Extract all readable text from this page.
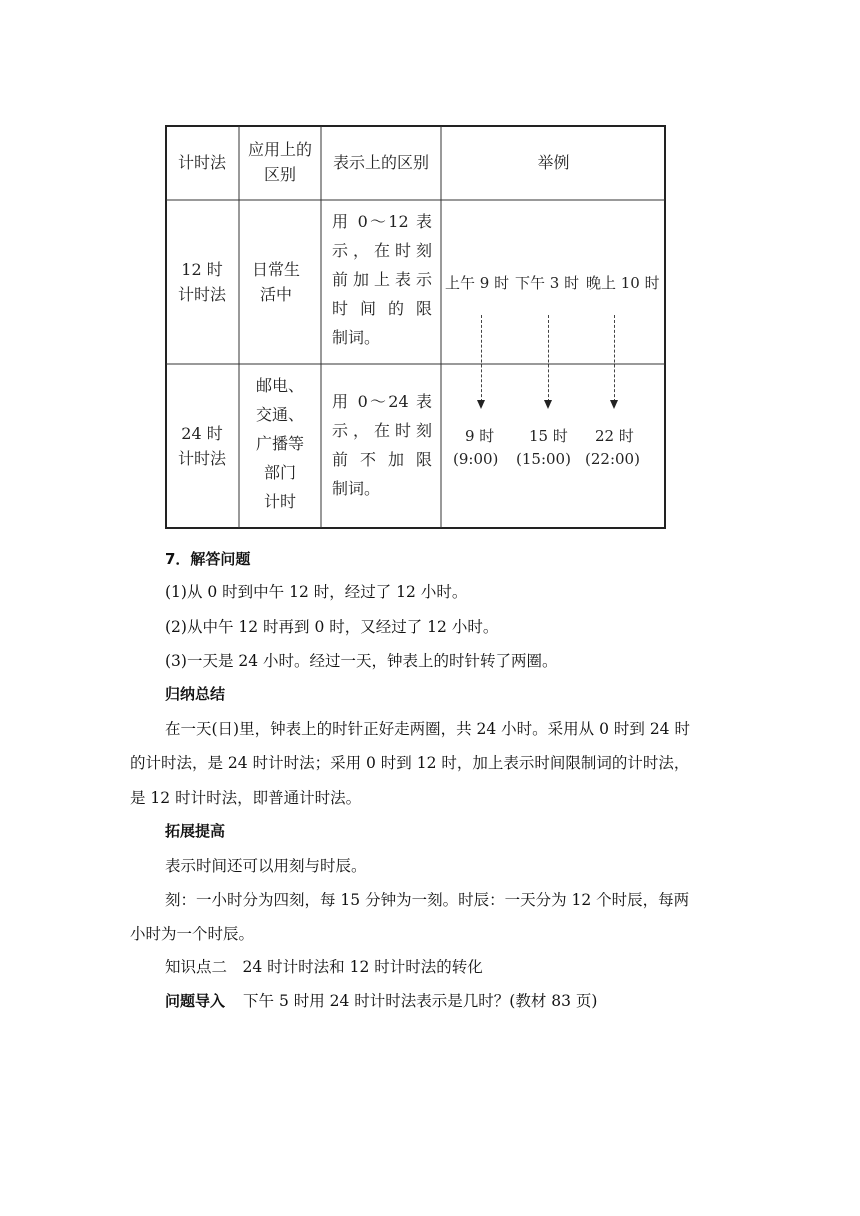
计时法
应用上的区别
表示上的区别	举例
12 时计时法
日常生活中
用 0～12 表
示，在时刻
前加上表示
时间的限
制词。
上午 9 时 下午 3 时 晚上 10 时
24 时计时法
邮电、
交通、
广播等
部门
计时
用 0～24 表
示，在时刻
前不加限
制词。
9 时 15 时 22 时
(9:00) (15:00) (22:00)
7．解答问题
(1)从 0 时到中午 12 时，经过了 12 小时。
(2)从中午 12 时再到 0 时，又经过了 12 小时。
(3)一天是 24 小时。经过一天，钟表上的时针转了两圈。
归纳总结
在一天(日)里，钟表上的时针正好走两圈，共 24 小时。采用从 0 时到 24 时
的计时法，是 24 时计时法；采用 0 时到 12 时，加上表示时间限制词的计时法，
是 12 时计时法，即普通计时法。
拓展提高
表示时间还可以用刻与时辰。
刻：一小时分为四刻，每 15 分钟为一刻。时辰：一天分为 12 个时辰，每两
小时为一个时辰。
知识点二　24 时计时法和 12 时计时法的转化
问题导入 下午 5 时用 24 时计时法表示是几时？(教材 83 页)
